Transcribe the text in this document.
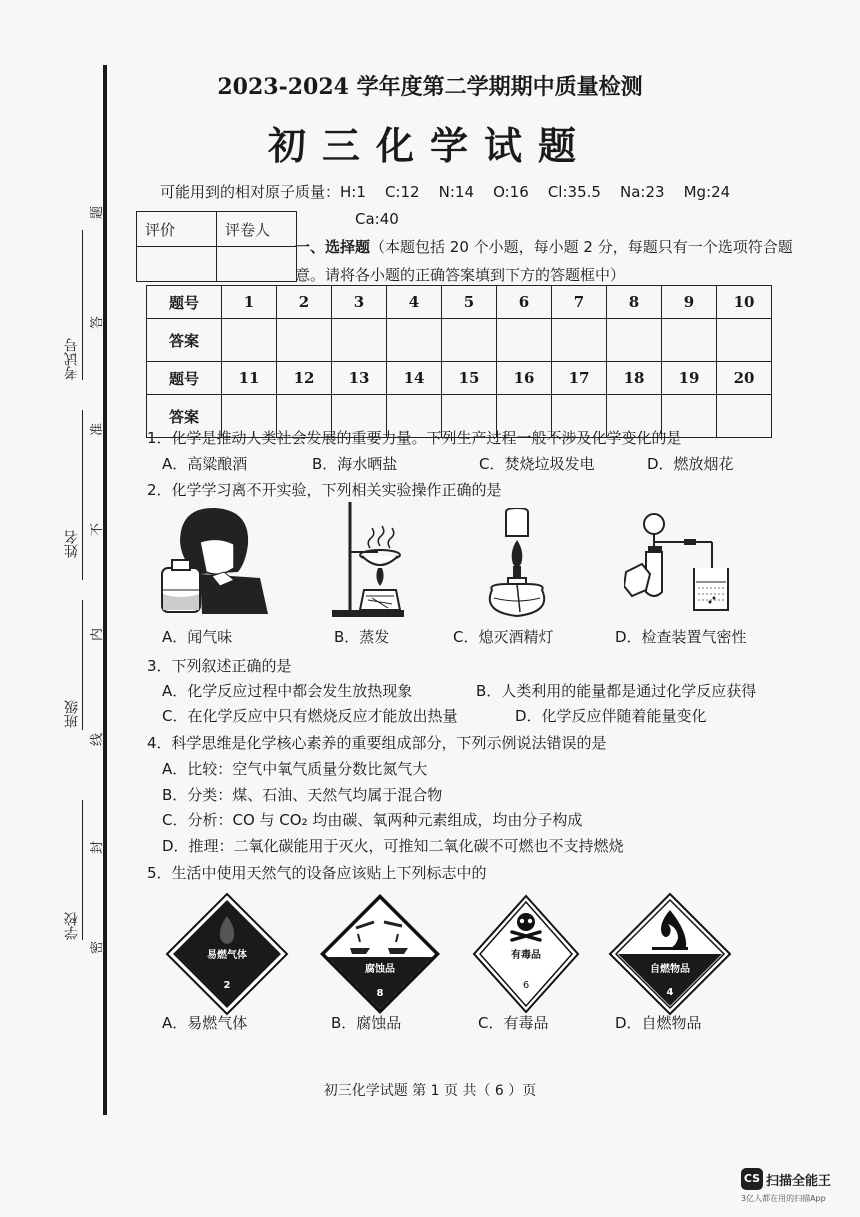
考试号
姓名
班级
学校
题
答
准
不
内
线
封
密
2023-2024 学年度第二学期期中质量检测
初三化学试题
可能用到的相对原子质量：H:1    C:12    N:14    O:16    Cl:35.5    Na:23    Mg:24
Ca:40
评价	评卷人

一、选择题（本题包括 20 个小题，每小题 2 分，每题只有一个选项符合题意。请将各小题的正确答案填到下方的答题框中）
题号	1	2	3	4	5	6	7	8	9	10
答案										
题号	11	12	13	14	15	16	17	18	19	20
答案										
1．化学是推动人类社会发展的重要力量。下列生产过程一般不涉及化学变化的是
A．高粱酿酒	B．海水晒盐	C．焚烧垃圾发电	D．燃放烟花
2．化学学习离不开实验，下列相关实验操作正确的是
A．闻气味	B．蒸发	C．熄灭酒精灯	D．检查装置气密性
3．下列叙述正确的是
A．化学反应过程中都会发生放热现象	B．人类利用的能量都是通过化学反应获得
C．在化学反应中只有燃烧反应才能放出热量	D．化学反应伴随着能量变化
4．科学思维是化学核心素养的重要组成部分，下列示例说法错误的是
A．比较：空气中氧气质量分数比氮气大
B．分类：煤、石油、天然气均属于混合物
C．分析：CO 与 CO₂ 均由碳、氧两种元素组成，均由分子构成
D．推理：二氧化碳能用于灭火，可推知二氧化碳不可燃也不支持燃烧
5．生活中使用天然气的设备应该贴上下列标志中的
易燃气体
2
腐蚀品
8
有毒品
6
自燃物品
4
A．易燃气体	B．腐蚀品	C．有毒品	D．自燃物品
初三化学试题 第 1 页 共（ 6 ）页
CS 扫描全能王
3亿人都在用的扫描App
